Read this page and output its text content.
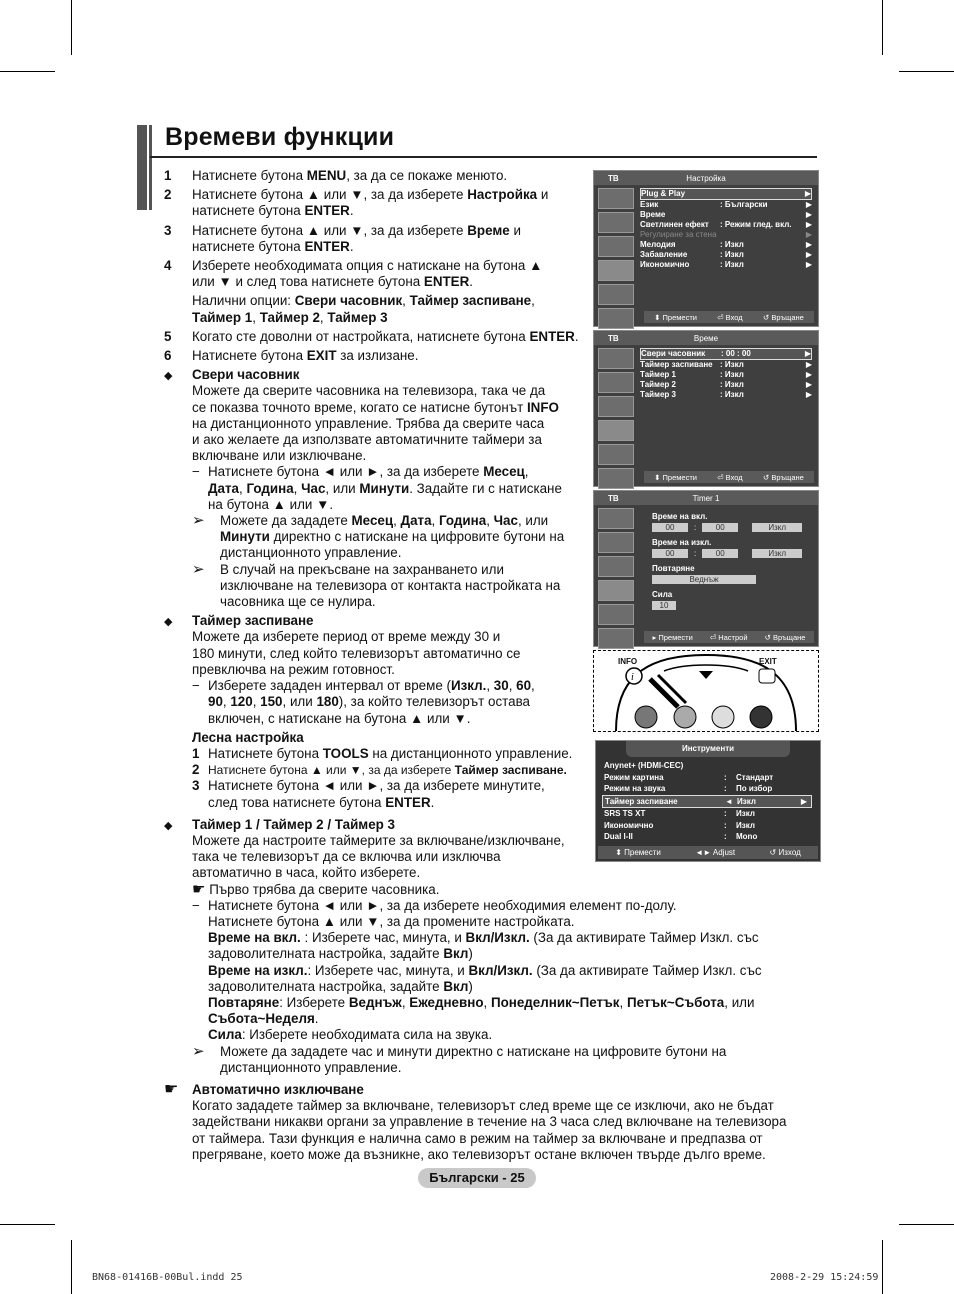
Времеви функции
1	Натиснете бутона MENU, за да се покаже менюто.
2	Натиснете бутона ▲ или ▼, за да изберете Настройка и
натиснете бутона ENTER.
3	Натиснете бутона ▲ или ▼, за да изберете Време и
натиснете бутона ENTER.
4	Изберете необходимата опция с натискане на бутона ▲
или ▼ и след това натиснете бутона ENTER.
Налични опции: Свери часовник, Таймер заспиване,
Таймер 1, Таймер 2, Таймер 3
5	Когато сте доволни от настройката, натиснете бутона ENTER.
6	Натиснете бутона EXIT за излизане.
◆	Свери часовник
Можете да сверите часовника на телевизора, така че да
се показва точното време, когато се натисне бутонът INFO
на дистанционното управление. Трябва да сверите часа
и ако желаете да използвате автоматичните таймери за
включване или изключване.
− Натиснете бутона ◄ или ►, за да изберете Месец,
Дата, Година, Час, или Минути. Задайте ги с натискане
на бутона ▲ или ▼.
➢	Можете да зададете Месец, Дата, Година, Час, или
Минути директно с натискане на цифровите бутони на
дистанционното управление.
➢	В случай на прекъсване на захранването или
изключване на телевизора от контакта настройката на
часовника ще се нулира.
◆	Таймер заспиване
Можете да изберете период от време между 30 и
180 минути, след който телевизорът автоматично се
превключва на режим готовност.
− Изберете зададен интервал от време (Изкл., 30, 60,
90, 120, 150, или 180), за който телевизорът остава
включен, с натискане на бутона ▲ или ▼.
Лесна настройка
1 Натиснете бутона TOOLS на дистанционното управление.
2 Натиснете бутона ▲ или ▼, за да изберете Таймер заспиване.
3 Натиснете бутона ◄ или ►, за да изберете минутите,
след това натиснете бутона ENTER.
◆	Таймер 1 / Таймер 2 / Таймер 3
Можете да настроите таймерите за включване/изключване,
така че телевизорът да се включва или изключва
автоматично в часа, който изберете.
☛ Първо трябва да сверите часовника.
− Натиснете бутона ◄ или ►, за да изберете необходимия елемент по-долу.
Натиснете бутона ▲ или ▼, за да промените настройката.
Време на вкл. : Изберете час, минута, и Вкл/Изкл. (За да активирате Таймер Изкл. със
задоволителната настройка, задайте Вкл)
Време на изкл.: Изберете час, минута, и Вкл/Изкл. (За да активирате Таймер Изкл. със
задоволителната настройка, задайте Вкл)
Повтаряне: Изберете Веднъж, Ежедневно, Понеделник~Петък, Петък~Събота, или
Събота~Неделя.
Сила: Изберете необходимата сила на звука.
➢	Можете да зададете час и минути директно с натискане на цифровите бутони на
дистанционното управление.
☛	Автоматично изключване
Когато зададете таймер за включване, телевизорът след време ще се изключи, ако не бъдат
задействани никакви органи за управление в течение на 3 часа след включване на телевизора
от таймера. Тази функция е налична само в режим на таймер за включване и предпазва от
прегряване, което може да възникне, ако телевизорът остане включен твърде дълго време.
ТВ	Настройка
Plug & Play	▶
Език	: Български	▶
Време	▶
Светлинен ефект	: Режим глед. вкл.	▶
Регулиране за стена	▶
Мелодия	: Изкл	▶
Забавление	: Изкл	▶
Икономично	: Изкл	▶
⬍ Премести	⏎ Вход	↺ Връщане
ТВ	Време
Свери часовник	: 00 : 00	▶
Таймер заспиване : Изкл	▶
Таймер 1	: Изкл	▶
Таймер 2	: Изкл	▶
Таймер 3	: Изкл	▶
⬍ Премести	⏎ Вход	↺ Връщане
ТВ	Timer 1
Време на вкл.
00	:	00	Изкл
Време на изкл.
00	:	00	Изкл
Повтаряне
Веднъж
Сила
10
▸ Премести ⏎ Настрой ↺ Връщане
i
INFO	EXIT
Инструменти
Anynet+ (HDMI-CEC)
Режим картина	:	Стандарт
Режим на звука	:	По избор
Таймер заспиване	◄ Изкл	▶
SRS TS XT	:	Изкл
Икономично	:	Изкл
Dual l-ll	:	Mono
⬍ Премести	◄► Adjust	↺ Изход
Български - 25
BN68-01416B-00Bul.indd 25	2008-2-29 15:24:59
